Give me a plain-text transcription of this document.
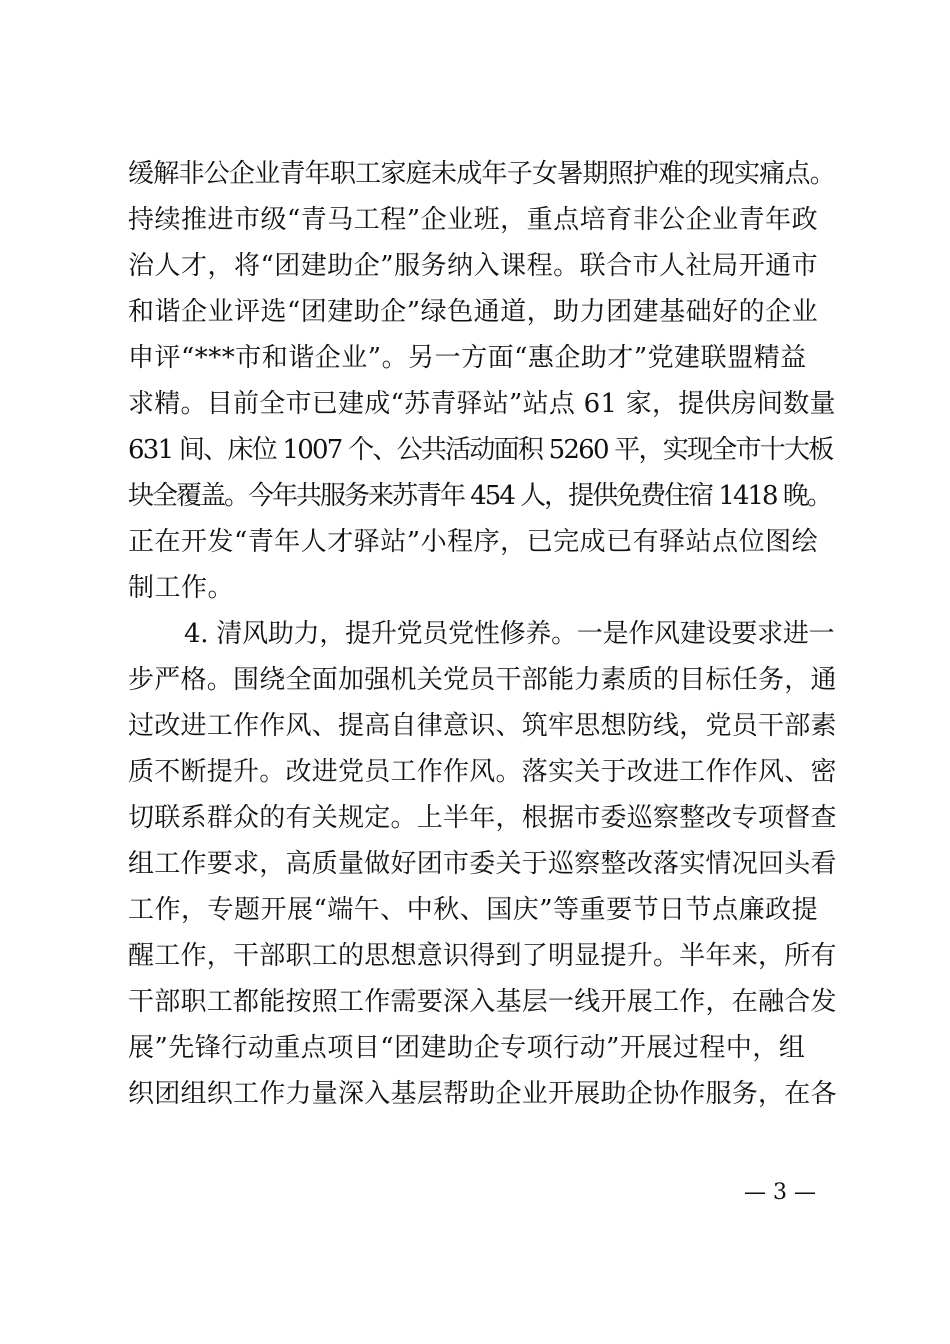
缓解非公企业青年职工家庭未成年子女暑期照护难的现实痛点。
持续推进市级“青马工程”企业班，重点培育非公企业青年政
治人才，将“团建助企”服务纳入课程。联合市人社局开通市
和谐企业评选“团建助企”绿色通道，助力团建基础好的企业
申评“***市和谐企业”。另一方面“惠企助才”党建联盟精益
求精。目前全市已建成“苏青驿站”站点 61 家，提供房间数量
631 间、床位 1007 个、公共活动面积 5260 平，实现全市十大板
块全覆盖。今年共服务来苏青年 454 人，提供免费住宿 1418 晚。
正在开发“青年人才驿站”小程序，已完成已有驿站点位图绘
制工作。
4. 清风助力，提升党员党性修养。一是作风建设要求进一
步严格。围绕全面加强机关党员干部能力素质的目标任务，通
过改进工作作风、提高自律意识、筑牢思想防线，党员干部素
质不断提升。改进党员工作作风。落实关于改进工作作风、密
切联系群众的有关规定。上半年，根据市委巡察整改专项督查
组工作要求，高质量做好团市委关于巡察整改落实情况回头看
工作，专题开展“端午、中秋、国庆”等重要节日节点廉政提
醒工作，干部职工的思想意识得到了明显提升。半年来，所有
干部职工都能按照工作需要深入基层一线开展工作，在融合发
展”先锋行动重点项目“团建助企专项行动”开展过程中，组
织团组织工作力量深入基层帮助企业开展助企协作服务，在各
— 3 —
